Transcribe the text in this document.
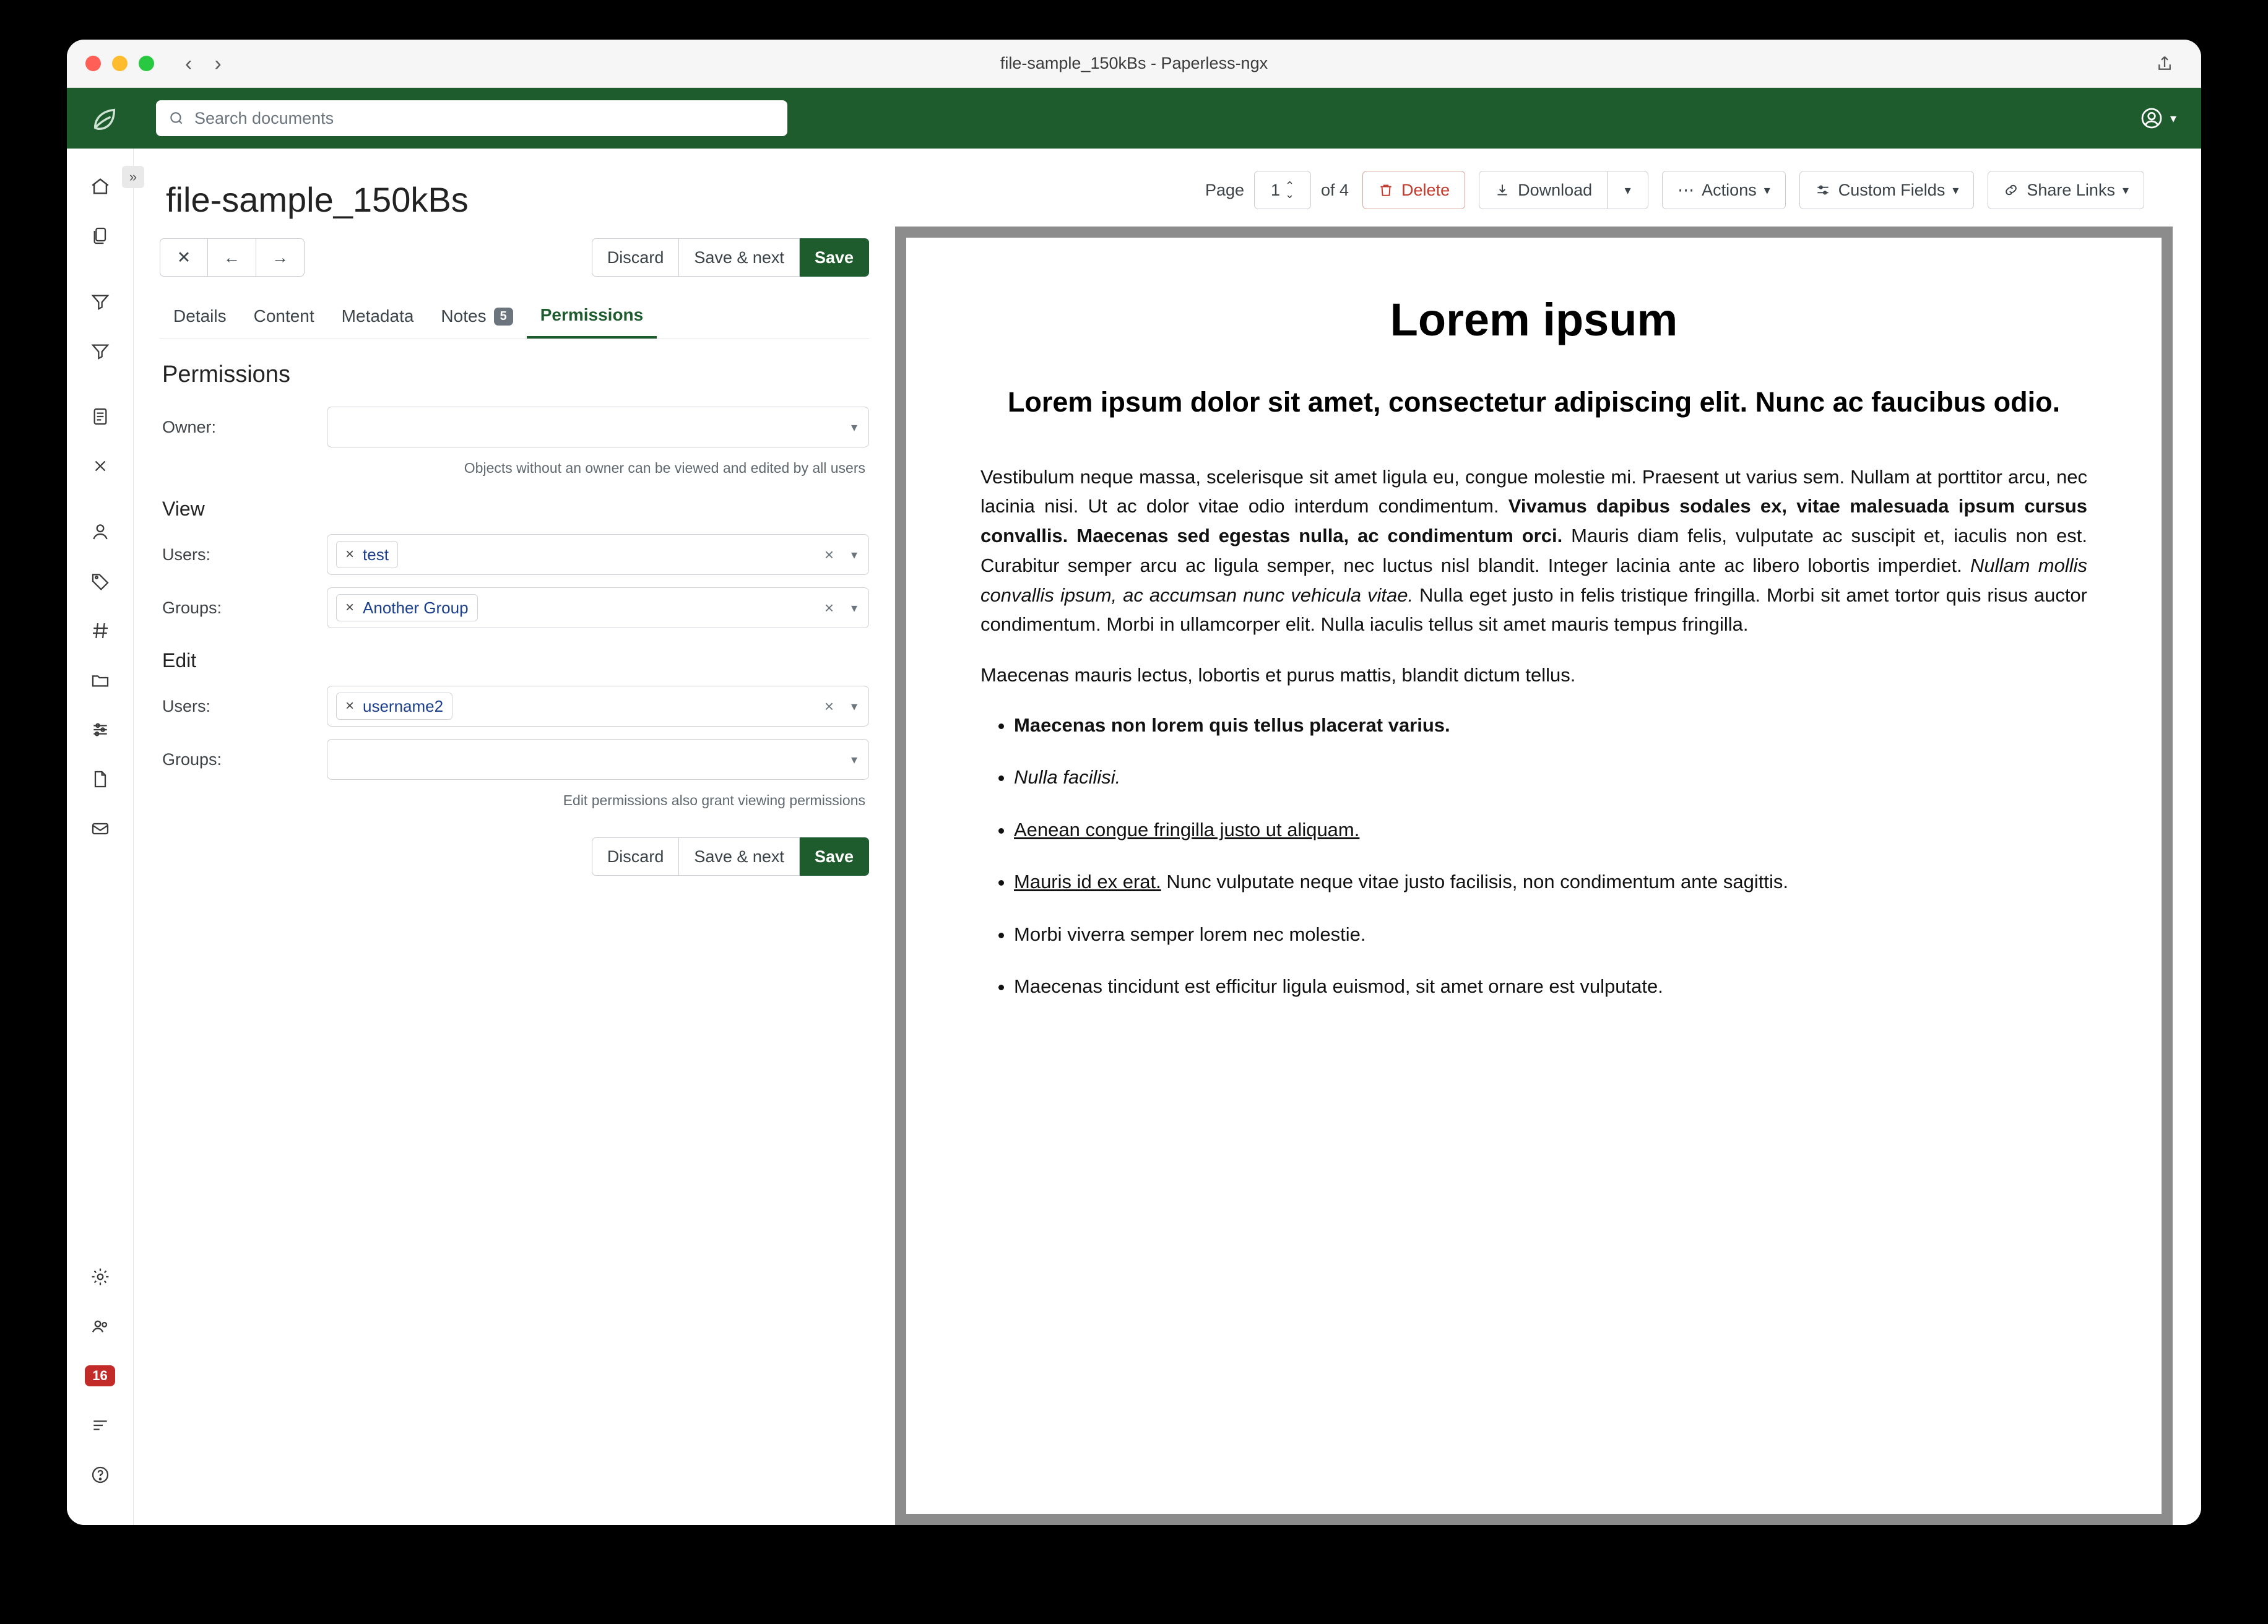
‹ ›	file-sample_150kBs - Paperless-ngx
Search documents	▾
»
16
file-sample_150kBs
✕	←	→	Discard	Save & next	Save
Details	Content	Metadata	Notes	5	Permissions
Permissions
Owner:	▾
Objects without an owner can be viewed and edited by all users
View
Users:	× test	× ▾
Groups:	× Another Group	× ▾
Edit
Users:	× username2	× ▾
Groups:	▾
Edit permissions also grant viewing permissions
Discard	Save & next	Save
Page 1 ⌃
⌄ of 4	Delete	Download	▾	⋯ Actions ▾	Custom Fields ▾	Share Links ▾
Lorem ipsum
Lorem ipsum dolor sit amet, consectetur adipiscing elit. Nunc ac faucibus odio.
Vestibulum neque massa, scelerisque sit amet ligula eu, congue molestie mi. Praesent ut varius sem. Nullam at porttitor arcu, nec lacinia nisi. Ut ac dolor vitae odio interdum condimentum. Vivamus dapibus sodales ex, vitae malesuada ipsum cursus convallis. Maecenas sed egestas nulla, ac condimentum orci. Mauris diam felis, vulputate ac suscipit et, iaculis non est. Curabitur semper arcu ac ligula semper, nec luctus nisl blandit. Integer lacinia ante ac libero lobortis imperdiet. Nullam mollis convallis ipsum, ac accumsan nunc vehicula vitae. Nulla eget justo in felis tristique fringilla. Morbi sit amet tortor quis risus auctor condimentum. Morbi in ullamcorper elit. Nulla iaculis tellus sit amet mauris tempus fringilla.
Maecenas mauris lectus, lobortis et purus mattis, blandit dictum tellus.
• Maecenas non lorem quis tellus placerat varius.
• Nulla facilisi.
• Aenean congue fringilla justo ut aliquam.
• Mauris id ex erat. Nunc vulputate neque vitae justo facilisis, non condimentum ante sagittis.
• Morbi viverra semper lorem nec molestie.
• Maecenas tincidunt est efficitur ligula euismod, sit amet ornare est vulputate.
